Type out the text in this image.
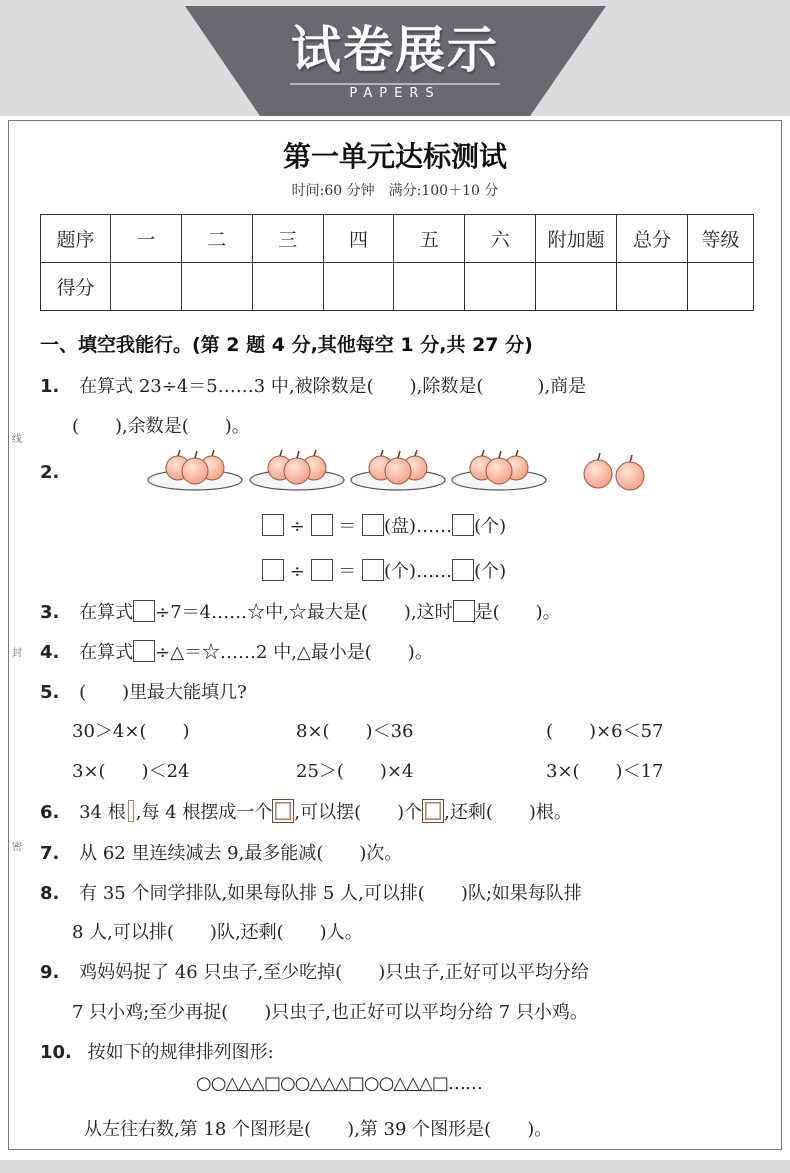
试卷展示
PAPERS
线
封
密
第一单元达标测试
时间:60 分钟　满分:100＋10 分
题序	一	二	三	四	五	六	附加题	总分	等级
得分									
一、填空我能行。(第 2 题 4 分,其他每空 1 分,共 27 分)
1. 在算式 23÷4＝5……3 中,被除数是(　　),除数是(　　　),商是
(　　),余数是(　　)。
2.
÷ ＝ (盘)…… (个)
÷ ＝ (个)…… (个)
3. 在算式 ÷7＝4……☆中,☆最大是(　　),这时 是(　　)。
4. 在算式 ÷△＝☆……2 中,△最小是(　　)。
5. (　　)里最大能填几?
30＞4×(　　)	8×(　　)＜36	(　　)×6＜57
3×(　　)＜24	25＞(　　)×4	3×(　　)＜17
6. 34 根 ,每 4 根摆成一个 ,可以摆(　　)个 ,还剩(　　)根。
7. 从 62 里连续减去 9,最多能减(　　)次。
8. 有 35 个同学排队,如果每队排 5 人,可以排(　　)队;如果每队排
8 人,可以排(　　)队,还剩(　　)人。
9. 鸡妈妈捉了 46 只虫子,至少吃掉(　　)只虫子,正好可以平均分给
7 只小鸡;至少再捉(　　)只虫子,也正好可以平均分给 7 只小鸡。
10. 按如下的规律排列图形:
○○△△△□○○△△△□○○△△△□……
从左往右数,第 18 个图形是(　　),第 39 个图形是(　　)。
